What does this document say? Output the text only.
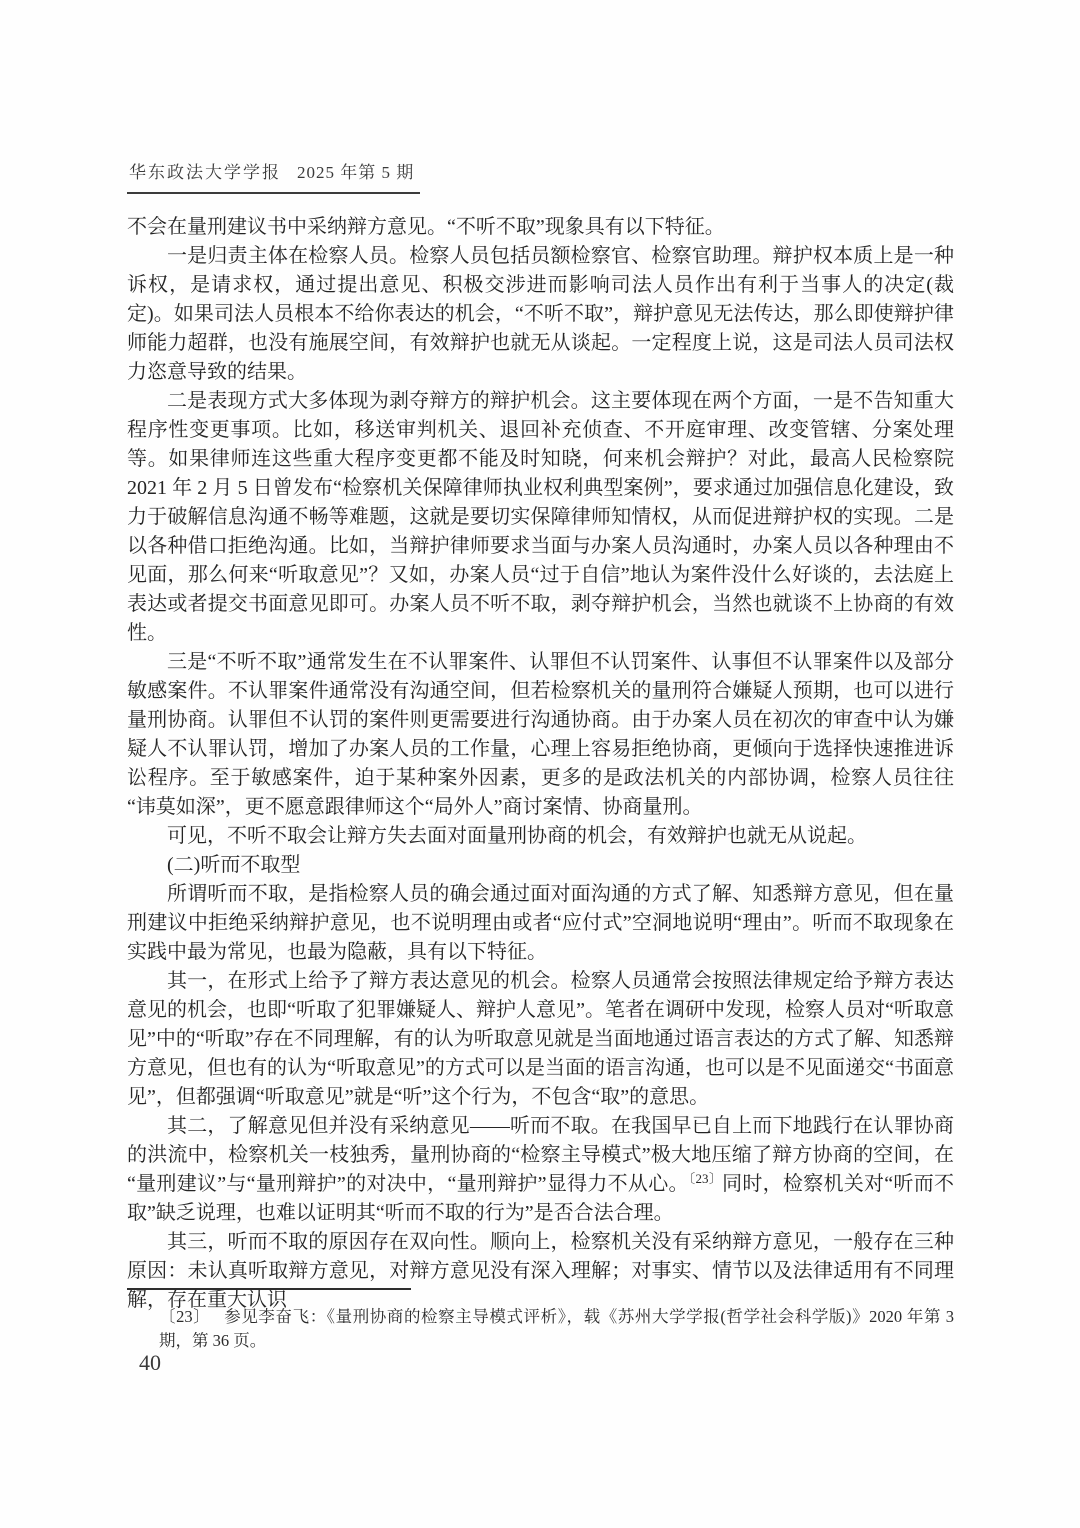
华东政法大学学报 2025 年第 5 期

不会在量刑建议书中采纳辩方意见。“不听不取”现象具有以下特征。

一是归责主体在检察人员。检察人员包括员额检察官、检察官助理。辩护权本质上是一种诉权，是请求权，通过提出意见、积极交涉进而影响司法人员作出有利于当事人的决定(裁定)。如果司法人员根本不给你表达的机会，“不听不取”，辩护意见无法传达，那么即使辩护律师能力超群，也没有施展空间，有效辩护也就无从谈起。一定程度上说，这是司法人员司法权力恣意导致的结果。

二是表现方式大多体现为剥夺辩方的辩护机会。这主要体现在两个方面，一是不告知重大程序性变更事项。比如，移送审判机关、退回补充侦查、不开庭审理、改变管辖、分案处理等。如果律师连这些重大程序变更都不能及时知晓，何来机会辩护？对此，最高人民检察院 2021 年 2 月 5 日曾发布“检察机关保障律师执业权利典型案例”，要求通过加强信息化建设，致力于破解信息沟通不畅等难题，这就是要切实保障律师知情权，从而促进辩护权的实现。二是以各种借口拒绝沟通。比如，当辩护律师要求当面与办案人员沟通时，办案人员以各种理由不见面，那么何来“听取意见”？又如，办案人员“过于自信”地认为案件没什么好谈的，去法庭上表达或者提交书面意见即可。办案人员不听不取，剥夺辩护机会，当然也就谈不上协商的有效性。

三是“不听不取”通常发生在不认罪案件、认罪但不认罚案件、认事但不认罪案件以及部分敏感案件。不认罪案件通常没有沟通空间，但若检察机关的量刑符合嫌疑人预期，也可以进行量刑协商。认罪但不认罚的案件则更需要进行沟通协商。由于办案人员在初次的审查中认为嫌疑人不认罪认罚，增加了办案人员的工作量，心理上容易拒绝协商，更倾向于选择快速推进诉讼程序。至于敏感案件，迫于某种案外因素，更多的是政法机关的内部协调，检察人员往往“讳莫如深”，更不愿意跟律师这个“局外人”商讨案情、协商量刑。

可见，不听不取会让辩方失去面对面量刑协商的机会，有效辩护也就无从说起。

(二)听而不取型

所谓听而不取，是指检察人员的确会通过面对面沟通的方式了解、知悉辩方意见，但在量刑建议中拒绝采纳辩护意见，也不说明理由或者“应付式”空洞地说明“理由”。听而不取现象在实践中最为常见，也最为隐蔽，具有以下特征。

其一，在形式上给予了辩方表达意见的机会。检察人员通常会按照法律规定给予辩方表达意见的机会，也即“听取了犯罪嫌疑人、辩护人意见”。笔者在调研中发现，检察人员对“听取意见”中的“听取”存在不同理解，有的认为听取意见就是当面地通过语言表达的方式了解、知悉辩方意见，但也有的认为“听取意见”的方式可以是当面的语言沟通，也可以是不见面递交“书面意见”，但都强调“听取意见”就是“听”这个行为，不包含“取”的意思。

其二，了解意见但并没有采纳意见——听而不取。在我国早已自上而下地践行在认罪协商的洪流中，检察机关一枝独秀，量刑协商的“检察主导模式”极大地压缩了辩方协商的空间，在“量刑建议”与“量刑辩护”的对决中，“量刑辩护”显得力不从心。$^{〔23〕}$同时，检察机关对“听而不取”缺乏说理，也难以证明其“听而不取的行为”是否合法合理。

其三，听而不取的原因存在双向性。顺向上，检察机关没有采纳辩方意见，一般存在三种原因：未认真听取辩方意见，对辩方意见没有深入理解；对事实、情节以及法律适用有不同理解，存在重大认识

〔23〕 参见李奋飞：《量刑协商的检察主导模式评析》，载《苏州大学学报(哲学社会科学版)》2020 年第 3 期，第 36 页。
40
